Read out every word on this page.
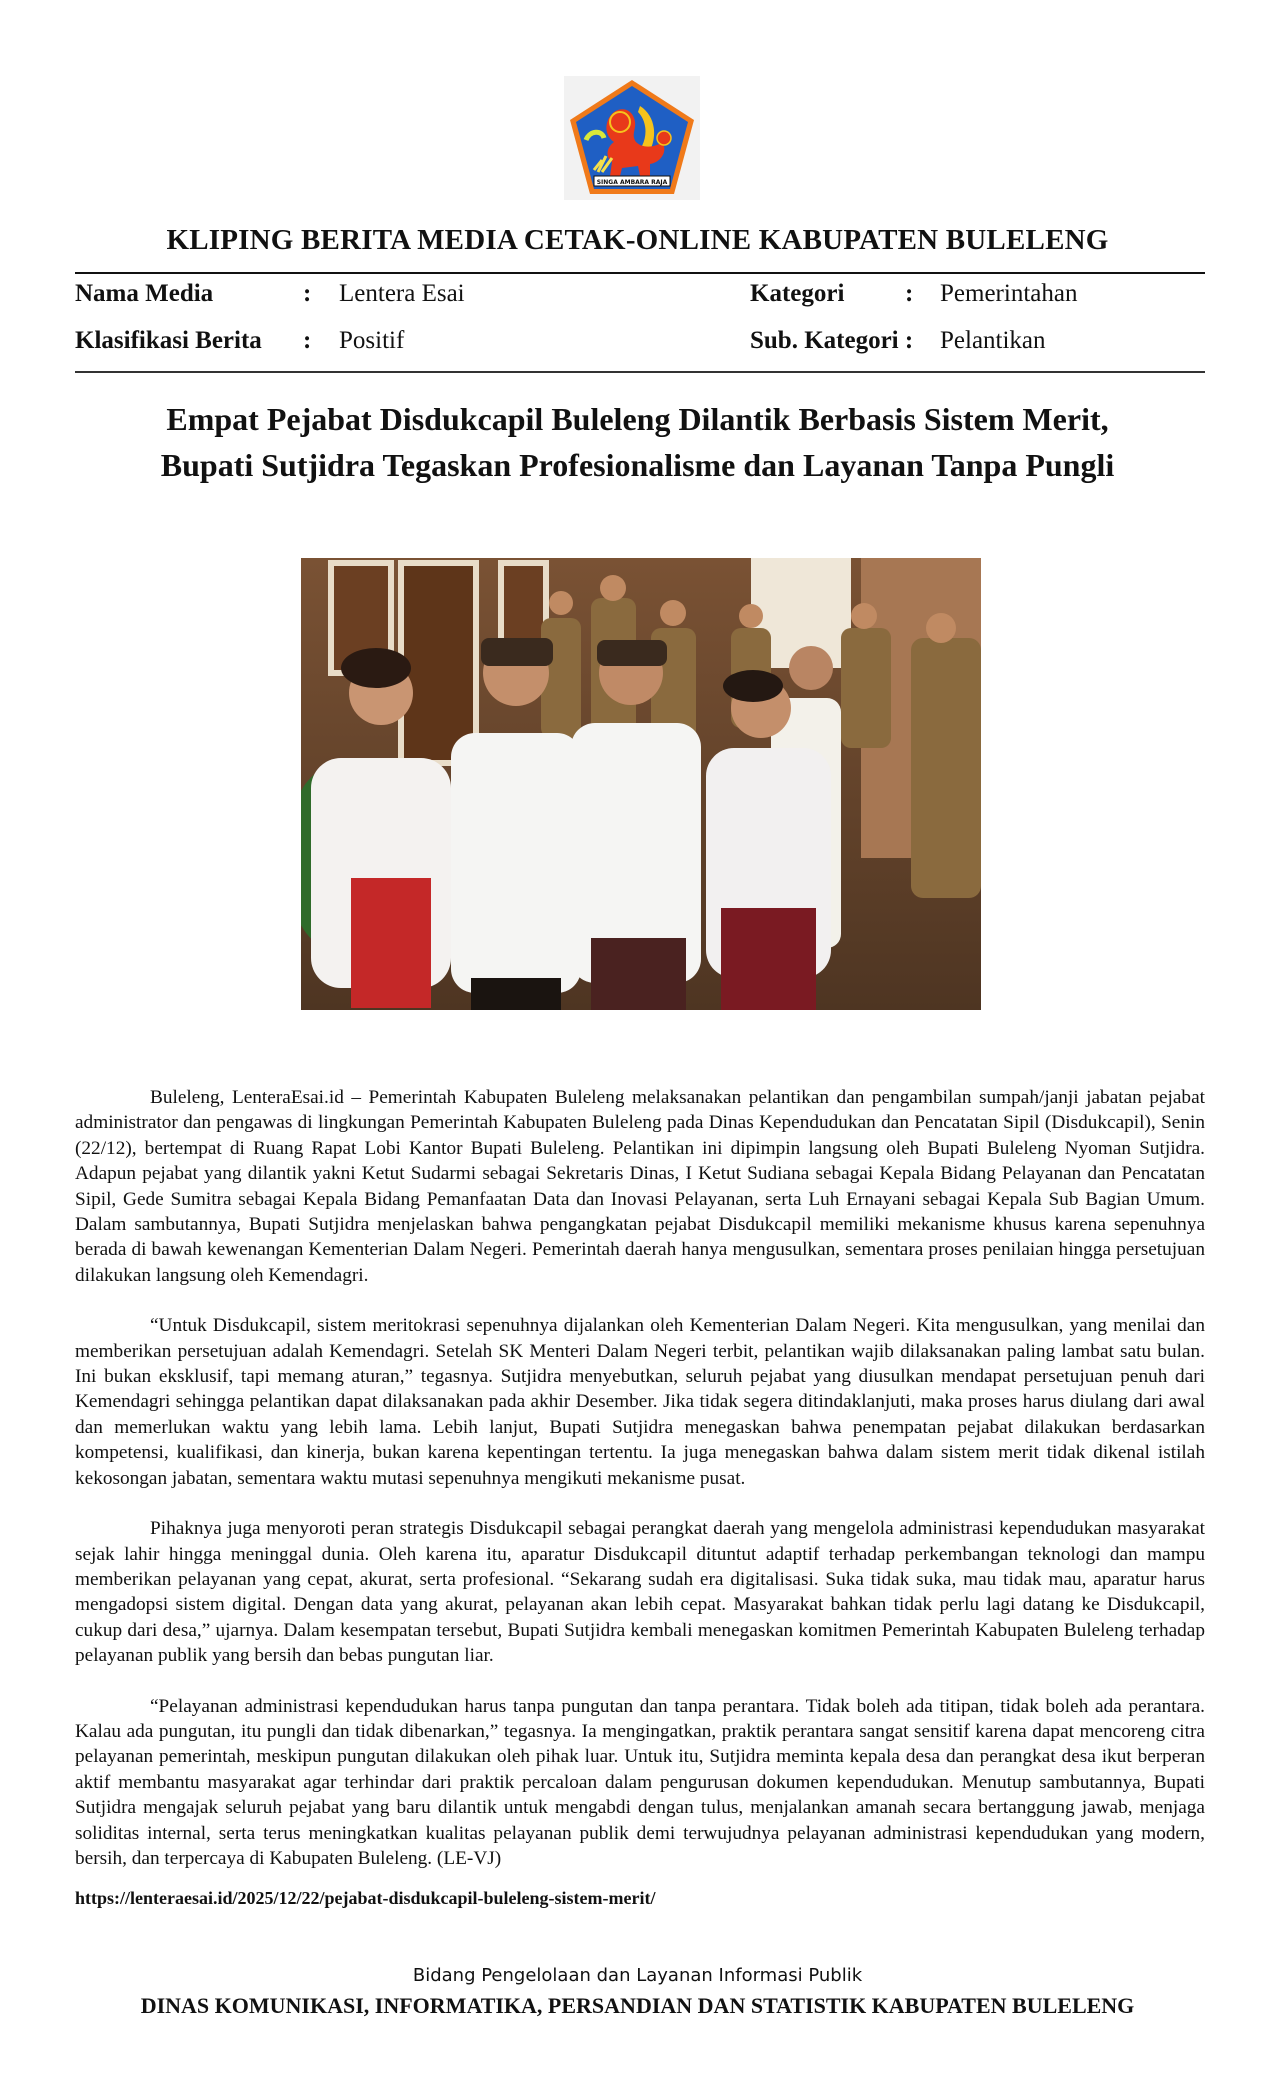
SINGA AMBARA RAJA
KLIPING BERITA MEDIA CETAK-ONLINE KABUPATEN BULELENG
Nama Media	: Lentera Esai	Kategori : Pemerintahan
Klasifikasi Berita : Positif	Sub. Kategori : Pelantikan
Empat Pejabat Disdukcapil Buleleng Dilantik Berbasis Sistem Merit,
Bupati Sutjidra Tegaskan Profesionalisme dan Layanan Tanpa Pungli

Buleleng, LenteraEsai.id – Pemerintah Kabupaten Buleleng melaksanakan pelantikan dan pengambilan sumpah/janji jabatan pejabat administrator dan pengawas di lingkungan Pemerintah Kabupaten Buleleng pada Dinas Kependudukan dan Pencatatan Sipil (Disdukcapil), Senin (22/12), bertempat di Ruang Rapat Lobi Kantor Bupati Buleleng. Pelantikan ini dipimpin langsung oleh Bupati Buleleng Nyoman Sutjidra. Adapun pejabat yang dilantik yakni Ketut Sudarmi sebagai Sekretaris Dinas, I Ketut Sudiana sebagai Kepala Bidang Pelayanan dan Pencatatan Sipil, Gede Sumitra sebagai Kepala Bidang Pemanfaatan Data dan Inovasi Pelayanan, serta Luh Ernayani sebagai Kepala Sub Bagian Umum. Dalam sambutannya, Bupati Sutjidra menjelaskan bahwa pengangkatan pejabat Disdukcapil memiliki mekanisme khusus karena sepenuhnya berada di bawah kewenangan Kementerian Dalam Negeri. Pemerintah daerah hanya mengusulkan, sementara proses penilaian hingga persetujuan dilakukan langsung oleh Kemendagri.

“Untuk Disdukcapil, sistem meritokrasi sepenuhnya dijalankan oleh Kementerian Dalam Negeri. Kita mengusulkan, yang menilai dan memberikan persetujuan adalah Kemendagri. Setelah SK Menteri Dalam Negeri terbit, pelantikan wajib dilaksanakan paling lambat satu bulan. Ini bukan eksklusif, tapi memang aturan,” tegasnya. Sutjidra menyebutkan, seluruh pejabat yang diusulkan mendapat persetujuan penuh dari Kemendagri sehingga pelantikan dapat dilaksanakan pada akhir Desember. Jika tidak segera ditindaklanjuti, maka proses harus diulang dari awal dan memerlukan waktu yang lebih lama. Lebih lanjut, Bupati Sutjidra menegaskan bahwa penempatan pejabat dilakukan berdasarkan kompetensi, kualifikasi, dan kinerja, bukan karena kepentingan tertentu. Ia juga menegaskan bahwa dalam sistem merit tidak dikenal istilah kekosongan jabatan, sementara waktu mutasi sepenuhnya mengikuti mekanisme pusat.

Pihaknya juga menyoroti peran strategis Disdukcapil sebagai perangkat daerah yang mengelola administrasi kependudukan masyarakat sejak lahir hingga meninggal dunia. Oleh karena itu, aparatur Disdukcapil dituntut adaptif terhadap perkembangan teknologi dan mampu memberikan pelayanan yang cepat, akurat, serta profesional. “Sekarang sudah era digitalisasi. Suka tidak suka, mau tidak mau, aparatur harus mengadopsi sistem digital. Dengan data yang akurat, pelayanan akan lebih cepat. Masyarakat bahkan tidak perlu lagi datang ke Disdukcapil, cukup dari desa,” ujarnya. Dalam kesempatan tersebut, Bupati Sutjidra kembali menegaskan komitmen Pemerintah Kabupaten Buleleng terhadap pelayanan publik yang bersih dan bebas pungutan liar.

“Pelayanan administrasi kependudukan harus tanpa pungutan dan tanpa perantara. Tidak boleh ada titipan, tidak boleh ada perantara. Kalau ada pungutan, itu pungli dan tidak dibenarkan,” tegasnya. Ia mengingatkan, praktik perantara sangat sensitif karena dapat mencoreng citra pelayanan pemerintah, meskipun pungutan dilakukan oleh pihak luar. Untuk itu, Sutjidra meminta kepala desa dan perangkat desa ikut berperan aktif membantu masyarakat agar terhindar dari praktik percaloan dalam pengurusan dokumen kependudukan. Menutup sambutannya, Bupati Sutjidra mengajak seluruh pejabat yang baru dilantik untuk mengabdi dengan tulus, menjalankan amanah secara bertanggung jawab, menjaga soliditas internal, serta terus meningkatkan kualitas pelayanan publik demi terwujudnya pelayanan administrasi kependudukan yang modern, bersih, dan terpercaya di Kabupaten Buleleng. (LE-VJ)

https://lenteraesai.id/2025/12/22/pejabat-disdukcapil-buleleng-sistem-merit/
Bidang Pengelolaan dan Layanan Informasi Publik
DINAS KOMUNIKASI, INFORMATIKA, PERSANDIAN DAN STATISTIK KABUPATEN BULELENG
